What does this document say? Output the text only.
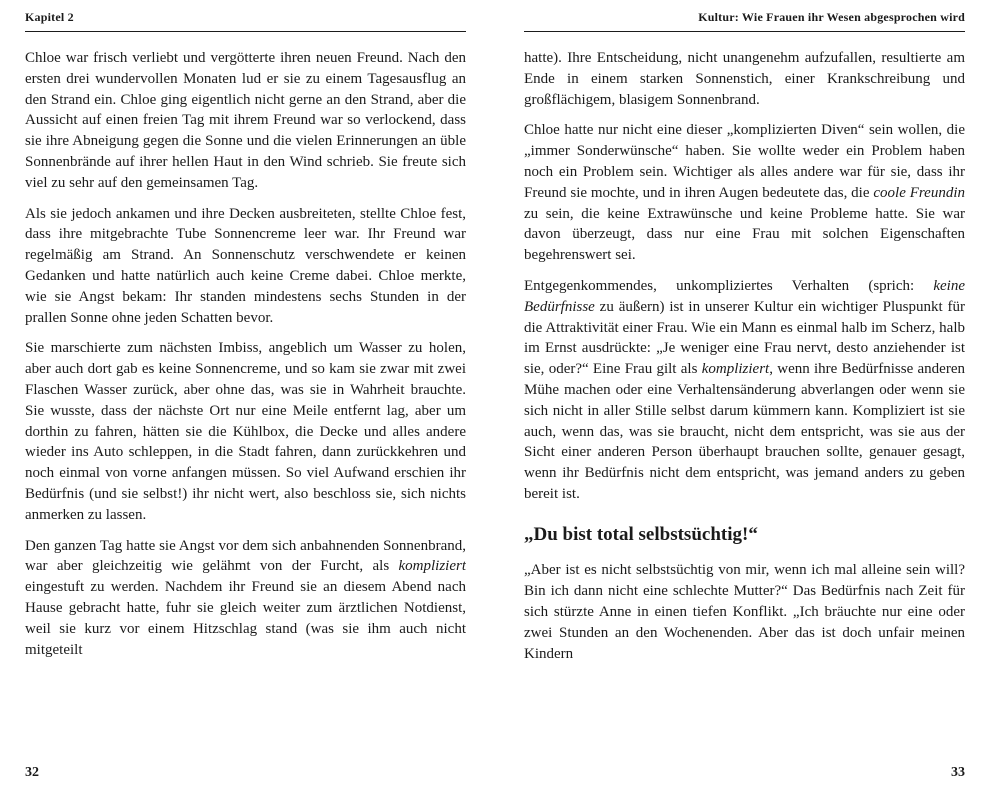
Kapitel 2

Chloe war frisch verliebt und vergötterte ihren neuen Freund. Nach den ersten drei wundervollen Monaten lud er sie zu einem Tagesausflug an den Strand ein. Chloe ging eigentlich nicht gerne an den Strand, aber die Aussicht auf einen freien Tag mit ihrem Freund war so verlockend, dass sie ihre Abneigung gegen die Sonne und die vielen Erinnerungen an üble Sonnenbrände auf ihrer hellen Haut in den Wind schrieb. Sie freute sich viel zu sehr auf den gemeinsamen Tag.

Als sie jedoch ankamen und ihre Decken ausbreiteten, stellte Chloe fest, dass ihre mitgebrachte Tube Sonnencreme leer war. Ihr Freund war regelmäßig am Strand. An Sonnenschutz verschwendete er keinen Gedanken und hatte natürlich auch keine Creme dabei. Chloe merkte, wie sie Angst bekam: Ihr standen mindestens sechs Stunden in der prallen Sonne ohne jeden Schatten bevor.

Sie marschierte zum nächsten Imbiss, angeblich um Wasser zu holen, aber auch dort gab es keine Sonnencreme, und so kam sie zwar mit zwei Flaschen Wasser zurück, aber ohne das, was sie in Wahrheit brauchte. Sie wusste, dass der nächste Ort nur eine Meile entfernt lag, aber um dorthin zu fahren, hätten sie die Kühlbox, die Decke und alles andere wieder ins Auto schleppen, in die Stadt fahren, dann zurückkehren und noch einmal von vorne anfangen müssen. So viel Aufwand erschien ihr Bedürfnis (und sie selbst!) ihr nicht wert, also beschloss sie, sich nichts anmerken zu lassen.

Den ganzen Tag hatte sie Angst vor dem sich anbahnenden Sonnenbrand, war aber gleichzeitig wie gelähmt von der Furcht, als kompliziert eingestuft zu werden. Nachdem ihr Freund sie an diesem Abend nach Hause gebracht hatte, fuhr sie gleich weiter zum ärztlichen Notdienst, weil sie kurz vor einem Hitzschlag stand (was sie ihm auch nicht mitgeteilt

32
Kultur: Wie Frauen ihr Wesen abgesprochen wird

hatte). Ihre Entscheidung, nicht unangenehm aufzufallen, resultierte am Ende in einem starken Sonnenstich, einer Krankschreibung und großflächigem, blasigem Sonnenbrand.

Chloe hatte nur nicht eine dieser „komplizierten Diven“ sein wollen, die „immer Sonderwünsche“ haben. Sie wollte weder ein Problem haben noch ein Problem sein. Wichtiger als alles andere war für sie, dass ihr Freund sie mochte, und in ihren Augen bedeutete das, die coole Freundin zu sein, die keine Extrawünsche und keine Probleme hatte. Sie war davon überzeugt, dass nur eine Frau mit solchen Eigenschaften begehrenswert sei.

Entgegenkommendes, unkompliziertes Verhalten (sprich: keine Bedürfnisse zu äußern) ist in unserer Kultur ein wichtiger Pluspunkt für die Attraktivität einer Frau. Wie ein Mann es einmal halb im Scherz, halb im Ernst ausdrückte: „Je weniger eine Frau nervt, desto anziehender ist sie, oder?“ Eine Frau gilt als kompliziert, wenn ihre Bedürfnisse anderen Mühe machen oder eine Verhaltensänderung abverlangen oder wenn sie sich nicht in aller Stille selbst darum kümmern kann. Kompliziert ist sie auch, wenn das, was sie braucht, nicht dem entspricht, was sie aus der Sicht einer anderen Person überhaupt brauchen sollte, genauer gesagt, wenn ihr Bedürfnis nicht dem entspricht, was jemand anders zu geben bereit ist.

„Du bist total selbstsüchtig!“

„Aber ist es nicht selbstsüchtig von mir, wenn ich mal alleine sein will? Bin ich dann nicht eine schlechte Mutter?“ Das Bedürfnis nach Zeit für sich stürzte Anne in einen tiefen Konflikt. „Ich bräuchte nur eine oder zwei Stunden an den Wochenenden. Aber das ist doch unfair meinen Kindern

33
